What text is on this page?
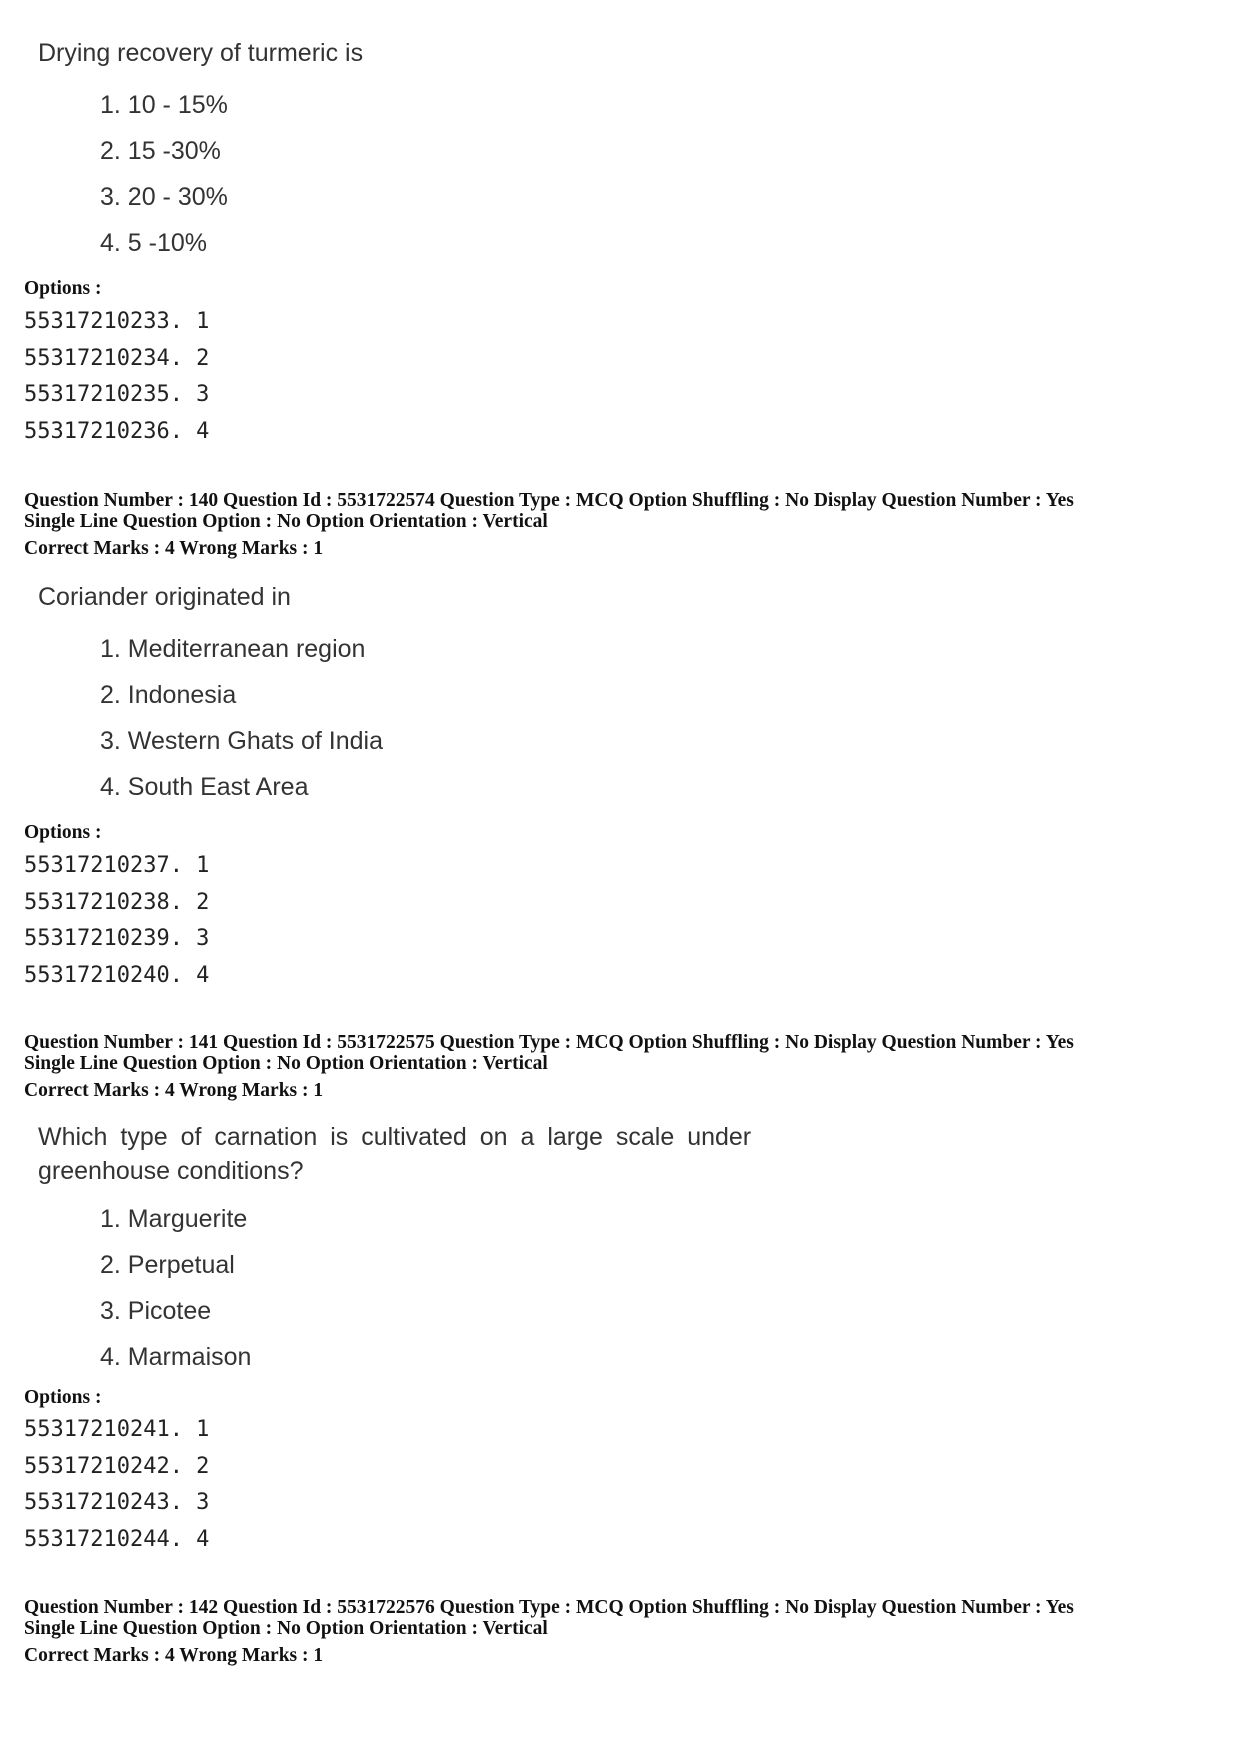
Drying recovery of turmeric is

1. 10 - 15%
2. 15 -30%
3. 20 - 30%
4. 5 -10%
Options :
55317210233. 1
55317210234. 2
55317210235. 3
55317210236. 4
Question Number : 140 Question Id : 5531722574 Question Type : MCQ Option Shuffling : No Display Question Number : Yes
Single Line Question Option : No Option Orientation : Vertical
Correct Marks : 4 Wrong Marks : 1

Coriander originated in

1. Mediterranean region
2. Indonesia
3. Western Ghats of India
4. South East Area
Options :
55317210237. 1
55317210238. 2
55317210239. 3
55317210240. 4
Question Number : 141 Question Id : 5531722575 Question Type : MCQ Option Shuffling : No Display Question Number : Yes
Single Line Question Option : No Option Orientation : Vertical
Correct Marks : 4 Wrong Marks : 1

Which type of carnation is cultivated on a large scale under

greenhouse conditions?

1. Marguerite
2. Perpetual
3. Picotee
4. Marmaison
Options :
55317210241. 1
55317210242. 2
55317210243. 3
55317210244. 4
Question Number : 142 Question Id : 5531722576 Question Type : MCQ Option Shuffling : No Display Question Number : Yes
Single Line Question Option : No Option Orientation : Vertical
Correct Marks : 4 Wrong Marks : 1
